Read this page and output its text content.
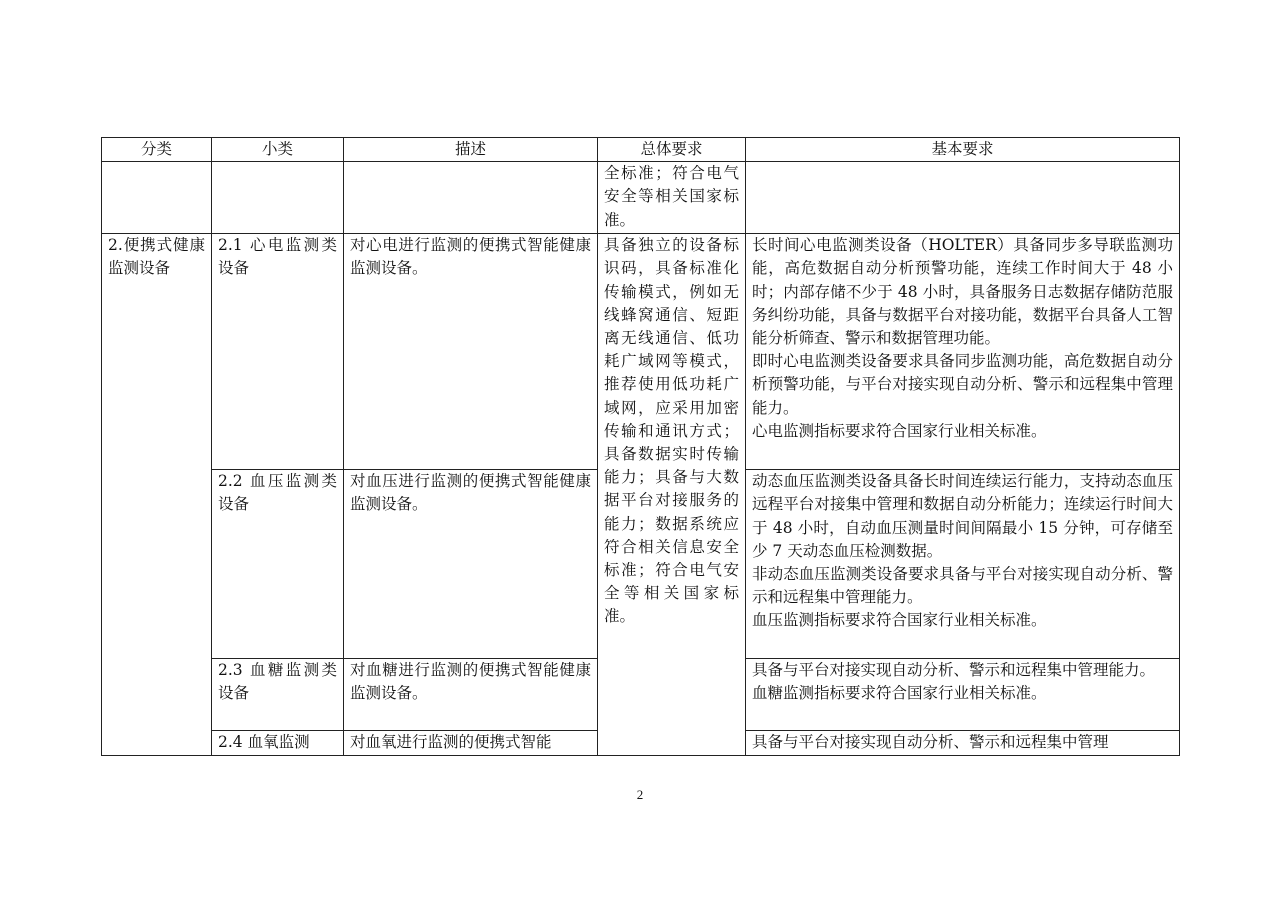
分类	小类	描述	总体要求	基本要求
			全标准；符合电气安全等相关国家标准。	
2.便携式健康监测设备	2.1 心电监测类设备	对心电进行监测的便携式智能健康监测设备。	具备独立的设备标识码，具备标准化传输模式，例如无线蜂窝通信、短距离无线通信、低功耗广域网等模式，推荐使用低功耗广域网，应采用加密传输和通讯方式；具备数据实时传输能力；具备与大数据平台对接服务的能力；数据系统应符合相关信息安全标准；符合电气安全等相关国家标准。	长时间心电监测类设备（HOLTER）具备同步多导联监测功能，高危数据自动分析预警功能，连续工作时间大于 48 小时；内部存储不少于 48 小时，具备服务日志数据存储防范服务纠纷功能，具备与数据平台对接功能，数据平台具备人工智能分析筛查、警示和数据管理功能。
即时心电监测类设备要求具备同步监测功能，高危数据自动分析预警功能，与平台对接实现自动分析、警示和远程集中管理能力。
心电监测指标要求符合国家行业相关标准。

	2.2 血压监测类设备	对血压进行监测的便携式智能健康监测设备。		动态血压监测类设备具备长时间连续运行能力，支持动态血压远程平台对接集中管理和数据自动分析能力；连续运行时间大于 48 小时，自动血压测量时间间隔最小 15 分钟，可存储至少 7 天动态血压检测数据。
非动态血压监测类设备要求具备与平台对接实现自动分析、警示和远程集中管理能力。
血压监测指标要求符合国家行业相关标准。

	2.3 血糖监测类设备	对血糖进行监测的便携式智能健康监测设备。		具备与平台对接实现自动分析、警示和远程集中管理能力。
血糖监测指标要求符合国家行业相关标准。

	2.4 血氧监测	对血氧进行监测的便携式智能		具备与平台对接实现自动分析、警示和远程集中管理
2
